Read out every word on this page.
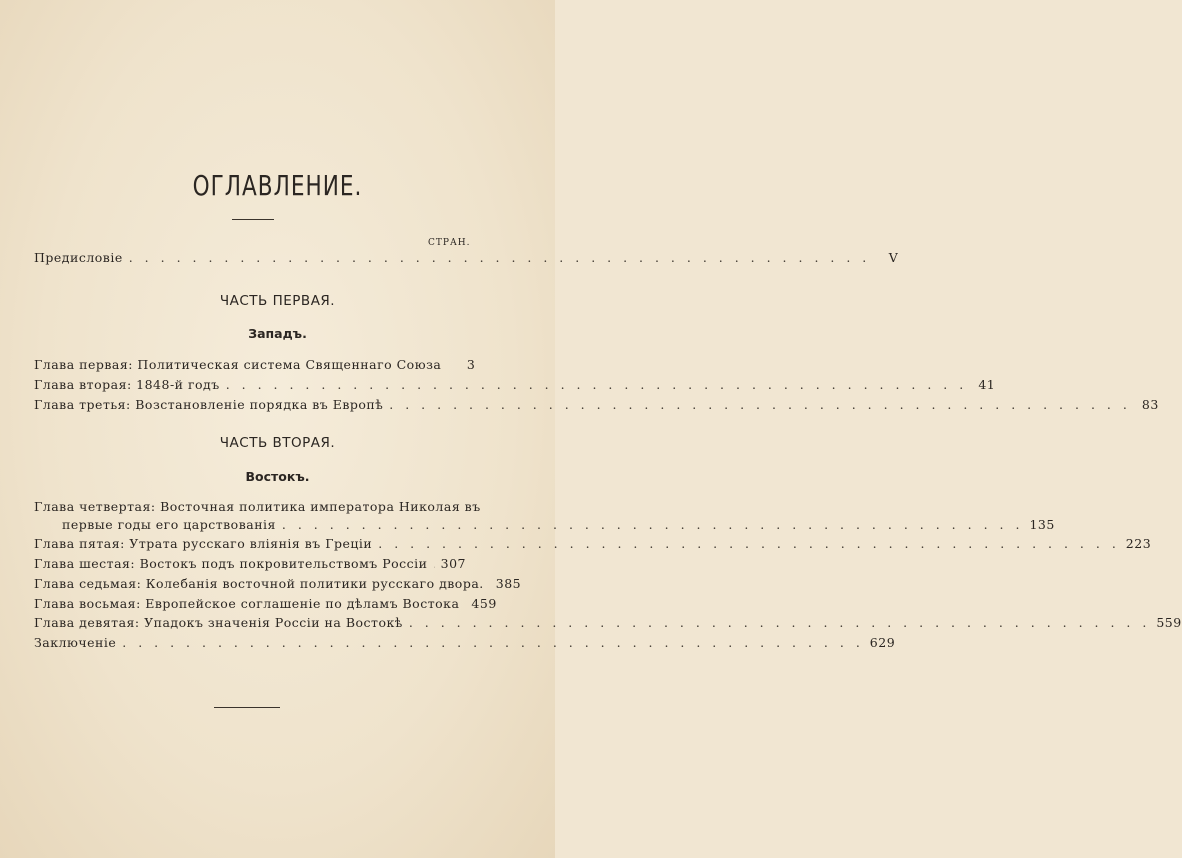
ОГЛАВЛЕНИЕ.
СТРАН.
Предисловіе . . . . . . . . . . . . . . . . . . . . . . . . . . . . . . . . . . . . . . . . . . . . . . .	V
ЧАСТЬ ПЕРВАЯ.
Западъ.
Глава первая: Политическая система Священнаго Союза	3
Глава вторая: 1848-й годъ . . . . . . . . . . . . . . . . . . . . . . . . . . . . . . . . . . . . . . . . . . . . . . . 41
Глава третья: Возстановленіе порядка въ Европѣ . . . . . . . . . . . . . . . . . . . . . . . . . . . . . . . . . . . . . . . . . . . . . . . 83
ЧАСТЬ ВТОРАЯ.
Востокъ.
Глава четвертая: Восточная политика императора Николая въ
первые годы его царствованія . . . . . . . . . . . . . . . . . . . . . . . . . . . . . . . . . . . . . . . . . . . . . . . 135
Глава пятая: Утрата русскаго вліянія въ Греціи . . . . . . . . . . . . . . . . . . . . . . . . . . . . . . . . . . . . . . . . . . . . . . . 223
Глава шестая: Востокъ подъ покровительствомъ Россіи 307
Глава седьмая: Колебанія восточной политики русскаго двора. 385
Глава восьмая: Европейское соглашеніе по дѣламъ Востока 459
Глава девятая: Упадокъ значенія Россіи на Востокѣ . . . . . . . . . . . . . . . . . . . . . . . . . . . . . . . . . . . . . . . . . . . . . . . 559
Заключеніе . . . . . . . . . . . . . . . . . . . . . . . . . . . . . . . . . . . . . . . . . . . . . . . 629
